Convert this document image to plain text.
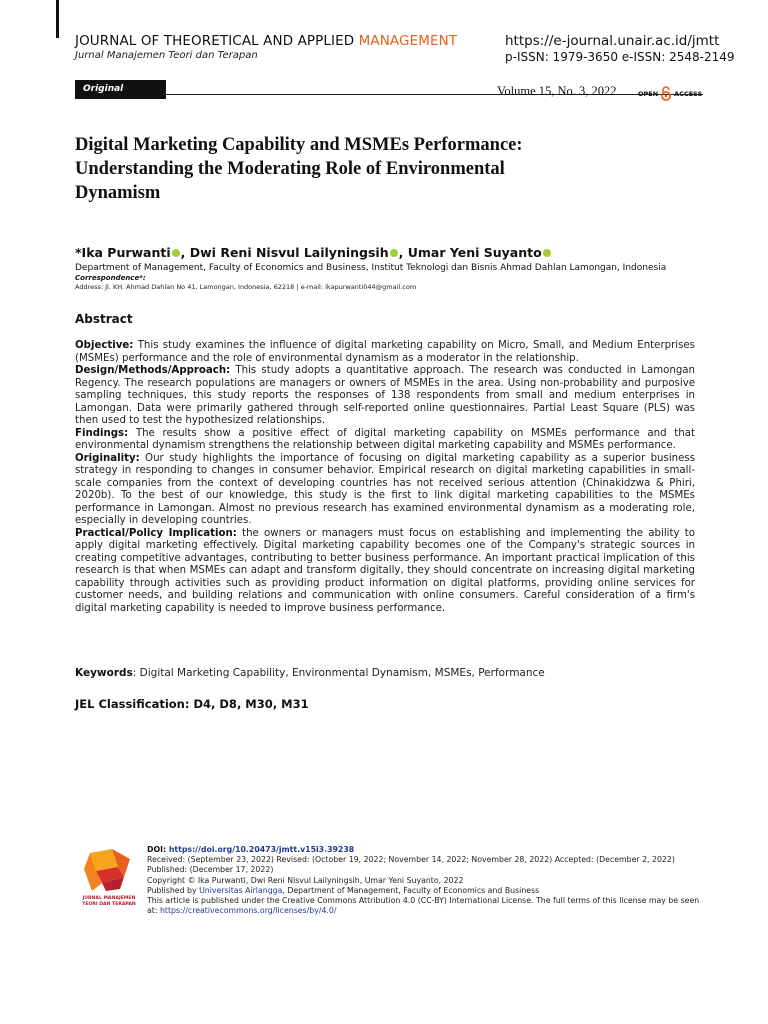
JOURNAL OF THEORETICAL AND APPLIED MANAGEMENT
Jurnal Manajemen Teori dan Terapan
https://e-journal.unair.ac.id/jmtt
p-ISSN: 1979-3650 e-ISSN: 2548-2149
Original Research
Volume 15, No. 3, 2022	OPEN ACCESS
Digital Marketing Capability and MSMEs Performance:
Understanding the Moderating Role of Environmental
Dynamism
*Ika Purwanti , Dwi Reni Nisvul Lailyningsih , Umar Yeni Suyanto
Department of Management, Faculty of Economics and Business, Institut Teknologi dan Bisnis Ahmad Dahlan Lamongan, Indonesia
Correspondence*:
Address: Jl. KH. Ahmad Dahlan No 41, Lamongan, Indonesia, 62218 | e-mail: ikapurwanti044@gmail.com
Abstract

Objective: This study examines the influence of digital marketing capability on Micro, Small, and Medium Enterprises (MSMEs) performance and the role of environmental dynamism as a moderator in the relationship.

Design/Methods/Approach: This study adopts a quantitative approach. The research was conducted in Lamongan Regency. The research populations are managers or owners of MSMEs in the area. Using non-probability and purposive sampling techniques, this study reports the responses of 138 respondents from small and medium enterprises in Lamongan. Data were primarily gathered through self-reported online questionnaires. Partial Least Square (PLS) was then used to test the hypothesized relationships.

Findings: The results show a positive effect of digital marketing capability on MSMEs performance and that environmental dynamism strengthens the relationship between digital marketing capability and MSMEs performance.

Originality: Our study highlights the importance of focusing on digital marketing capability as a superior business strategy in responding to changes in consumer behavior. Empirical research on digital marketing capabilities in small-scale companies from the context of developing countries has not received serious attention (Chinakidzwa & Phiri, 2020b). To the best of our knowledge, this study is the first to link digital marketing capabilities to the MSMEs performance in Lamongan. Almost no previous research has examined environmental dynamism as a moderating role, especially in developing countries.

Practical/Policy Implication: the owners or managers must focus on establishing and implementing the ability to apply digital marketing effectively. Digital marketing capability becomes one of the Company's strategic sources in creating competitive advantages, contributing to better business performance. An important practical implication of this research is that when MSMEs can adapt and transform digitally, they should concentrate on increasing digital marketing capability through activities such as providing product information on digital platforms, providing online services for customer needs, and building relations and communication with online consumers. Careful consideration of a firm's digital marketing capability is needed to improve business performance.

Keywords: Digital Marketing Capability, Environmental Dynamism, MSMEs, Performance
JEL Classification: D4, D8, M30, M31
JURNAL MANAJEMEN
TEORI DAN TERAPAN

DOI: https://doi.org/10.20473/jmtt.v15i3.39238

Received: (September 23, 2022) Revised: (October 19, 2022; November 14, 2022; November 28, 2022) Accepted: (December 2, 2022) Published: (December 17, 2022)

Copyright © Ika Purwanti, Dwi Reni Nisvul Lailyningsih, Umar Yeni Suyanto, 2022

Published by Universitas Airlangga, Department of Management, Faculty of Economics and Business

This article is published under the Creative Commons Attribution 4.0 (CC-BY) International License. The full terms of this license may be seen at: https://creativecommons.org/licenses/by/4.0/
